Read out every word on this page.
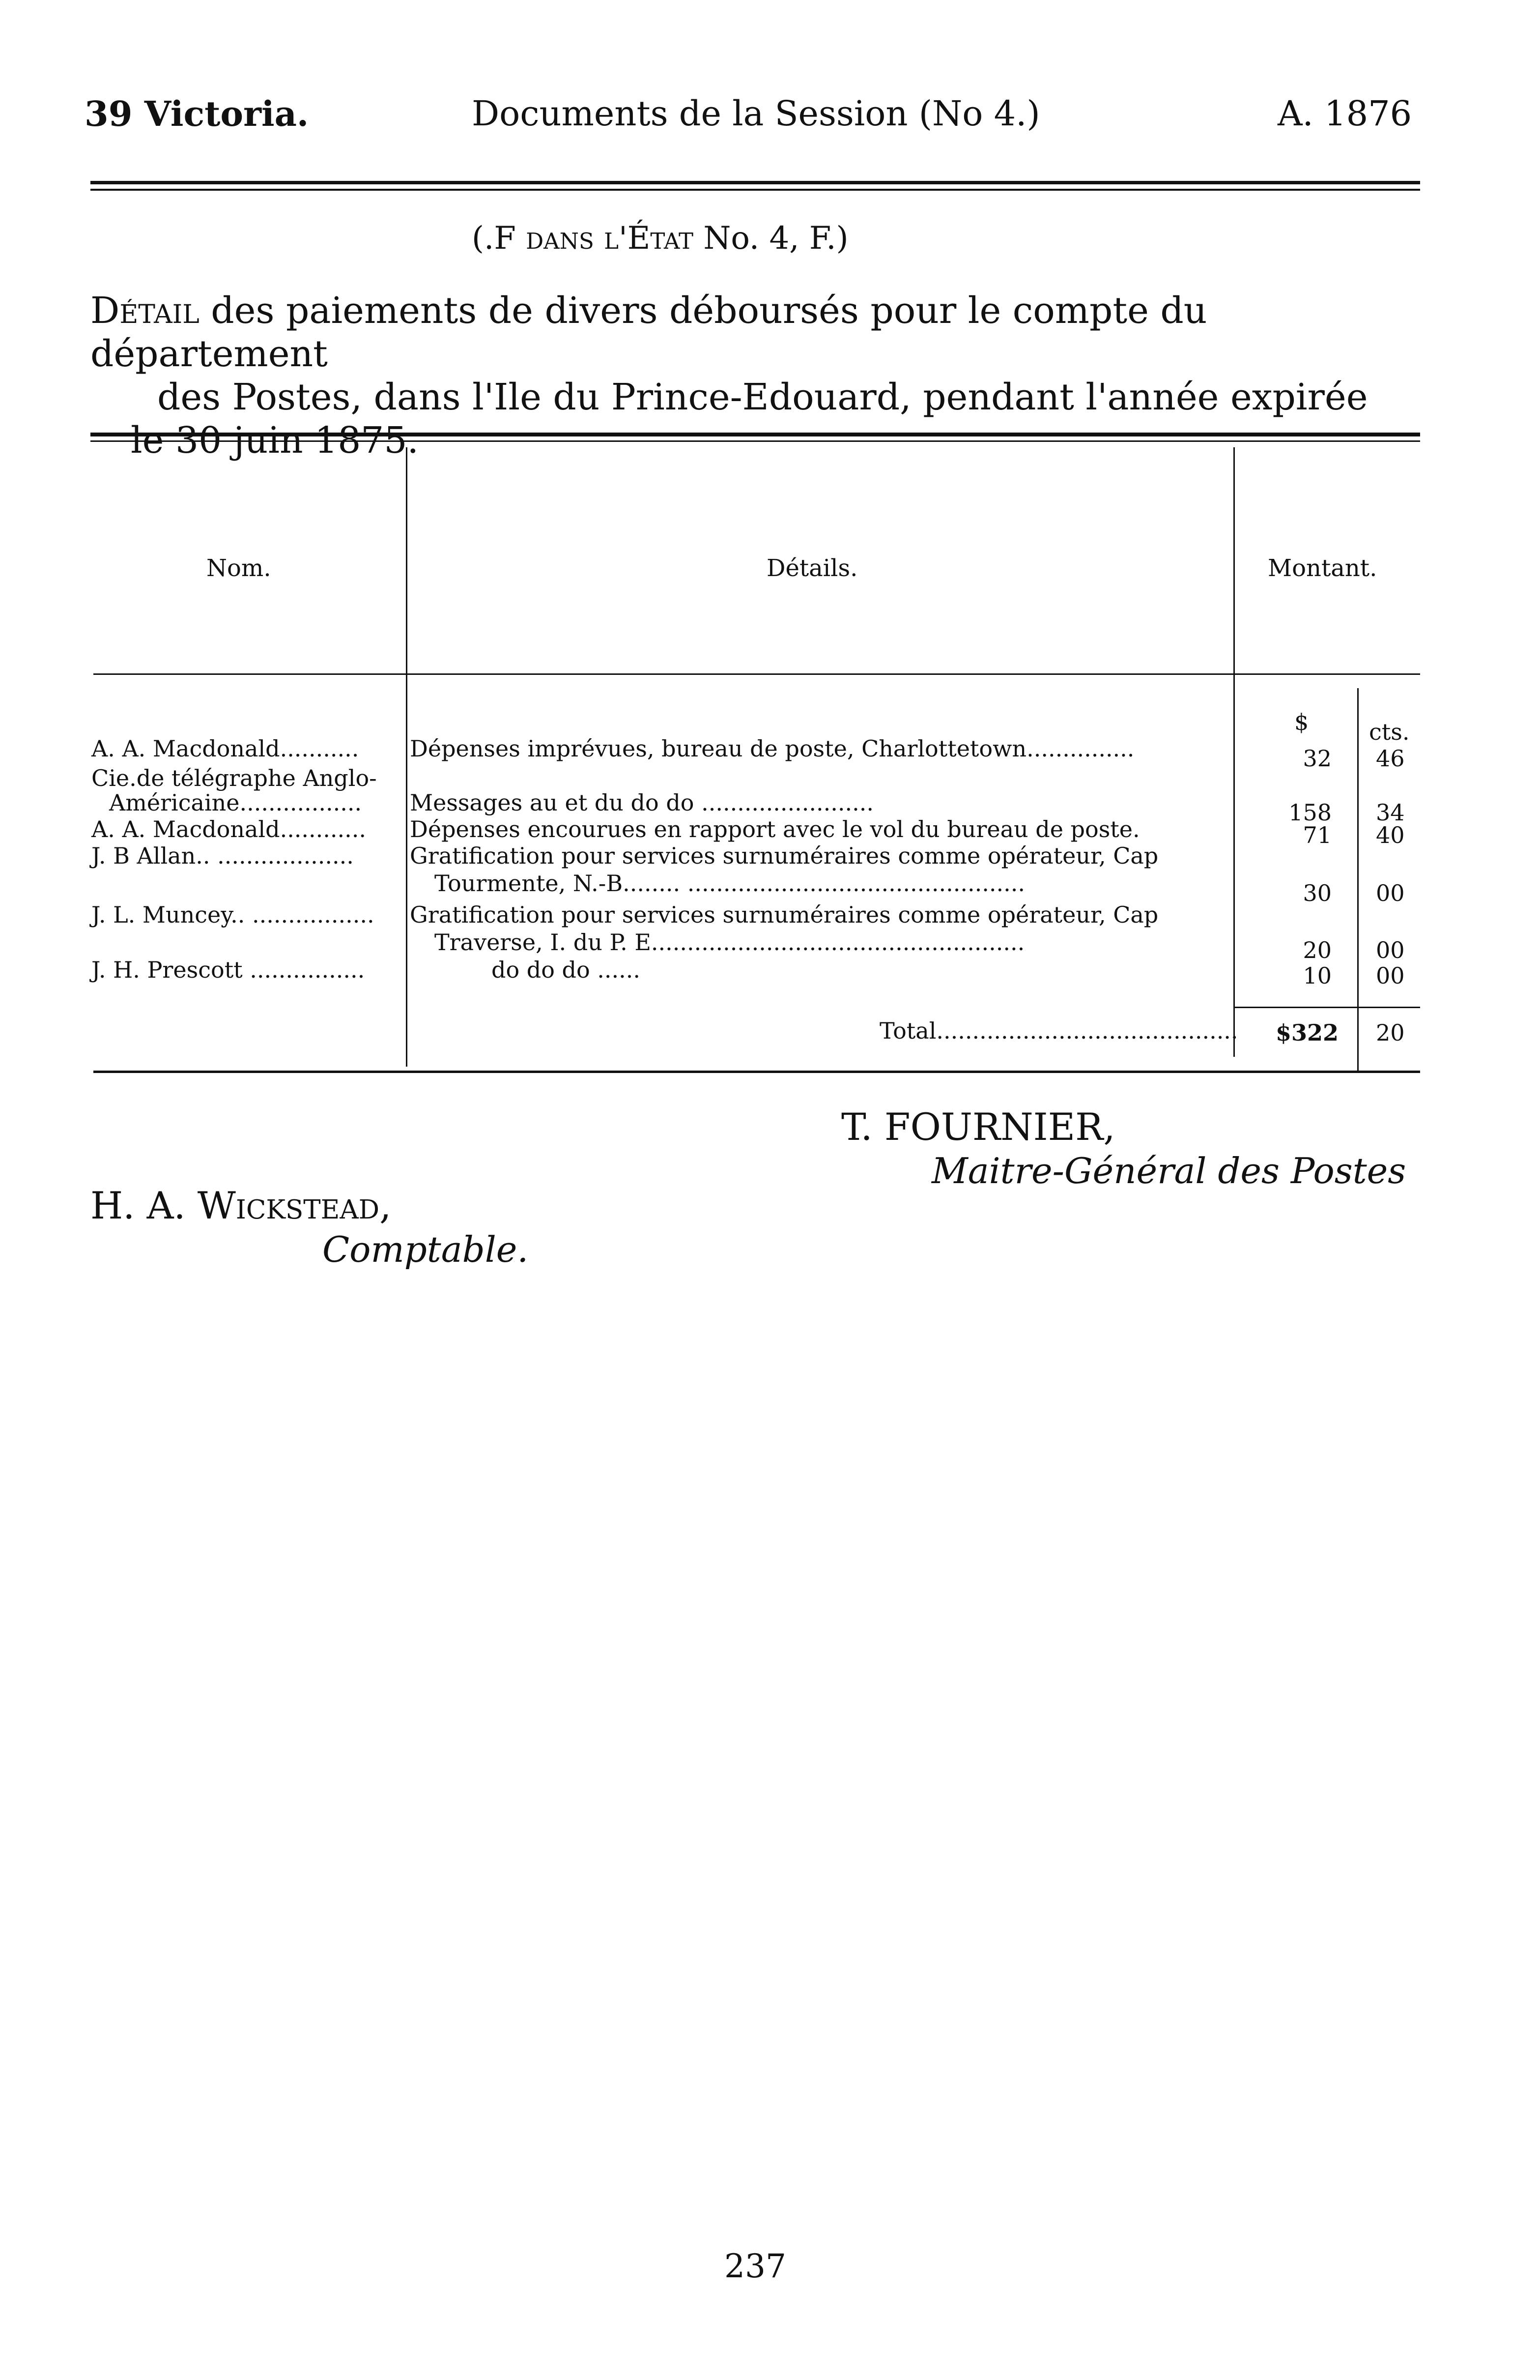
39 Victoria.	Documents de la Session (No 4.)	A. 1876
(.F dans l'État No. 4, F.)

Détail des paiements de divers déboursés pour le compte du département

des Postes, dans l'Ile du Prince-Edouard, pendant l'année expirée

Nom.	Détails.	Montant.
$	cts.
A. A. Macdonald........... Dépenses imprévues, bureau de poste, Charlottetown...............	32 46
Cie.de télégraphe Anglo-
Américaine................. Messages au et du do do ........................	158 34
A. A. Macdonald............ Dépenses encourues en rapport avec le vol du bureau de poste.	71 40
J. B Allan.. ................... Gratification pour services surnuméraires comme opérateur, Cap
Tourmente, N.-B........ ...............................................	30 00
J. L. Muncey.. ................. Gratification pour services surnuméraires comme opérateur, Cap
Traverse, I. du P. E....................................................	20 00
J. H. Prescott ................	do do do ......	10 00
Total.......................................... $322 20
T. FOURNIER,
Maitre-Général des Postes
H. A. Wickstead,
Comptable.
237
